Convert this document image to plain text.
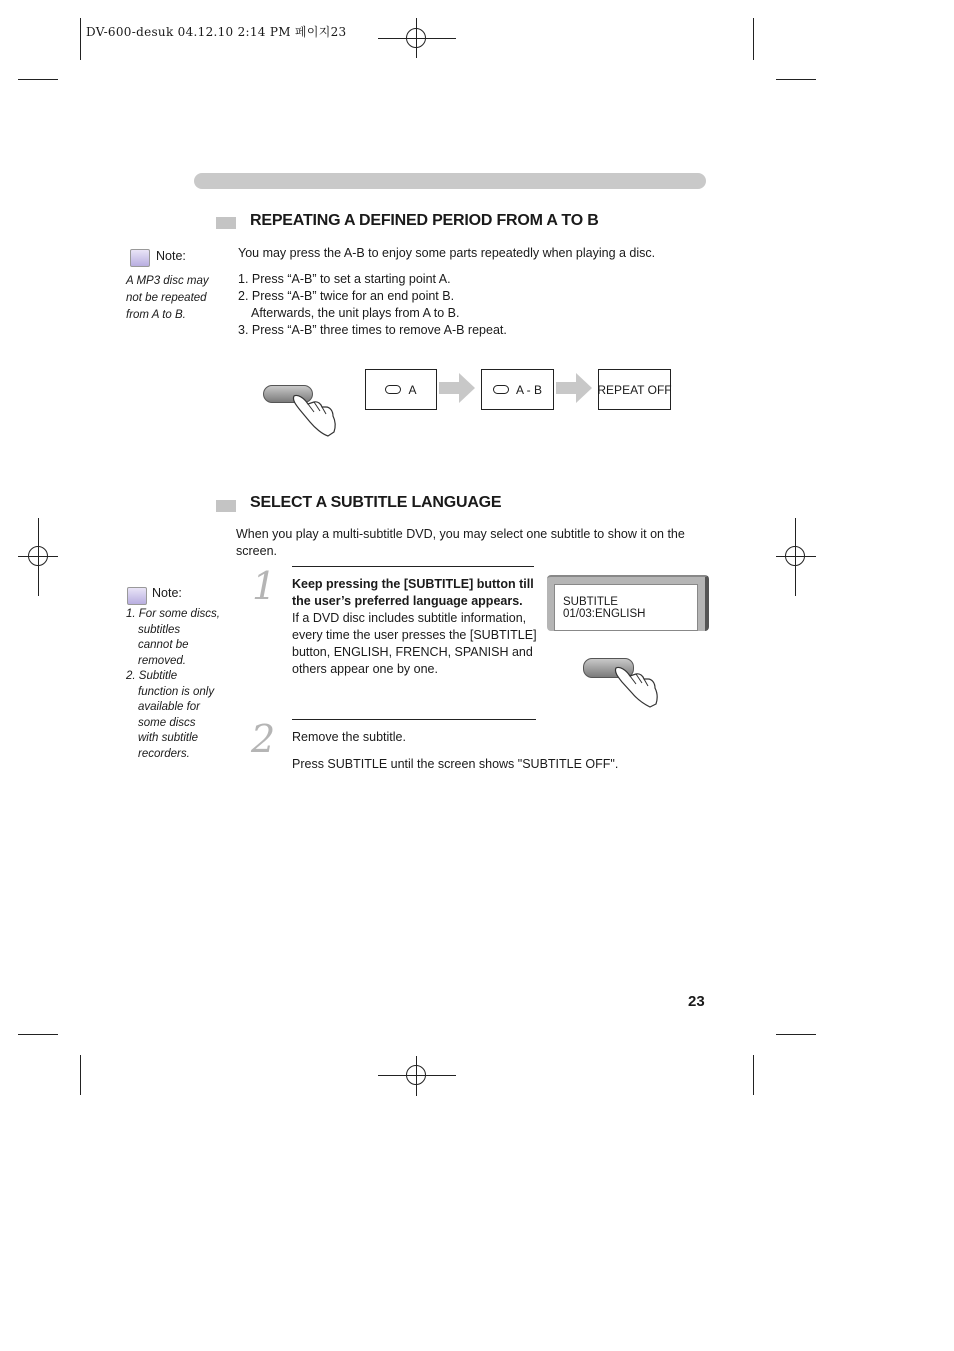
DV-600-desuk 04.12.10 2:14 PM 페이지23
REPEATING A DEFINED PERIOD FROM A TO B
Note:
A MP3 disc may
not be repeated
from A to B.
You may press the A-B to enjoy some parts repeatedly when playing a disc.
1. Press “A-B” to set a starting point A.
2. Press “A-B” twice for an end point B.
Afterwards, the unit plays from A to B.
3. Press “A-B” three times to remove A-B repeat.
A	A - B	REPEAT OFF
SELECT A SUBTITLE LANGUAGE
When you play a multi-subtitle DVD, you may select one subtitle to show it on the
screen.
Note:
1. For some discs,
subtitles
cannot be
removed.
2. Subtitle
function is only
available for
some discs
with subtitle
recorders.
1 Keep pressing the [SUBTITLE] button till
the user’s preferred language appears.
If a DVD disc includes subtitle information,
every time the user presses the [SUBTITLE]
button, ENGLISH, FRENCH, SPANISH and
others appear one by one.
SUBTITLE 01/03:ENGLISH
2 Remove the subtitle.
Press SUBTITLE until the screen shows "SUBTITLE OFF".
23
